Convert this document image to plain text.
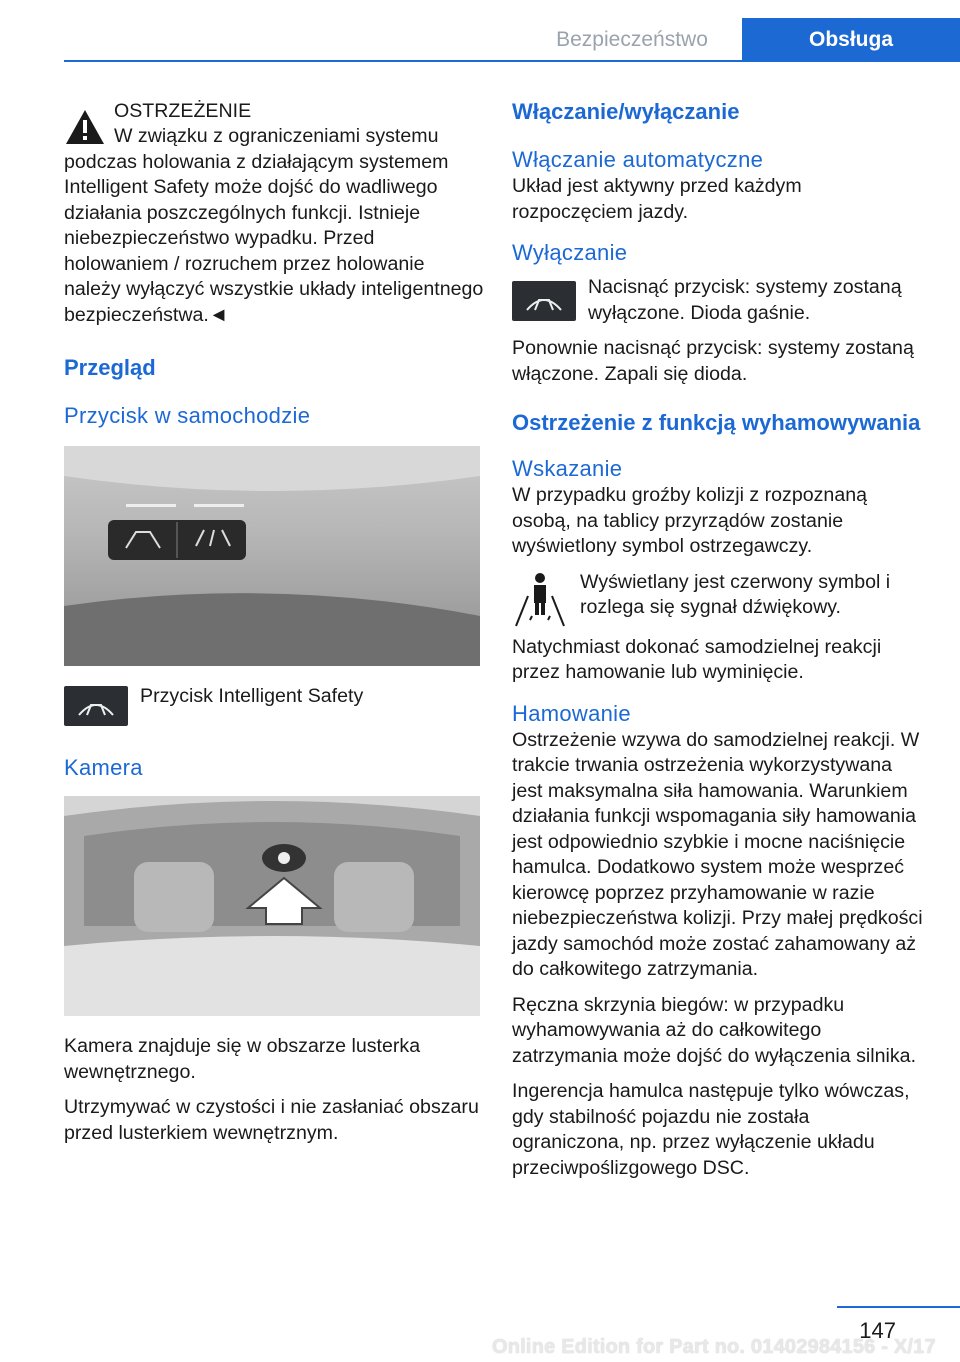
Bezpieczeństwo	Obsługa

OSTRZEŻENIE

W związku z ograniczeniami systemu podczas holowania z działającym systemem Intelligent Safety może dojść do wadliwego działania poszczególnych funkcji. Istnieje niebezpieczeństwo wypadku. Przed holowaniem / rozruchem przez holowanie należy wyłączyć wszystkie układy inteligentnego bezpieczeństwa.◄

Przegląd

Przycisk w samochodzie

Przycisk Intelligent Safety

Kamera

Kamera znajduje się w obszarze lusterka wewnętrznego.

Utrzymywać w czystości i nie zasłaniać obszaru przed lusterkiem wewnętrznym.

Włączanie/wyłączanie

Włączanie automatyczne

Układ jest aktywny przed każdym rozpoczęciem jazdy.

Wyłączanie

Nacisnąć przycisk: systemy zostaną wyłączone. Dioda gaśnie.

Ponownie nacisnąć przycisk: systemy zostaną włączone. Zapali się dioda.

Ostrzeżenie z funkcją wyhamowywania

Wskazanie

W przypadku groźby kolizji z rozpoznaną osobą, na tablicy przyrządów zostanie wyświetlony symbol ostrzegawczy.

Wyświetlany jest czerwony symbol i rozlega się sygnał dźwiękowy.

Natychmiast dokonać samodzielnej reakcji przez hamowanie lub wyminięcie.

Hamowanie

Ostrzeżenie wzywa do samodzielnej reakcji. W trakcie trwania ostrzeżenia wykorzystywana jest maksymalna siła hamowania. Warunkiem działania funkcji wspomagania siły hamowania jest odpowiednio szybkie i mocne naciśnięcie hamulca. Dodatkowo system może wesprzeć kierowcę poprzez przyhamowanie w razie niebezpieczeństwa kolizji. Przy małej prędkości jazdy samochód może zostać zahamowany aż do całkowitego zatrzymania.

Ręczna skrzynia biegów: w przypadku wyhamowywania aż do całkowitego zatrzymania może dojść do wyłączenia silnika.

Ingerencja hamulca następuje tylko wówczas, gdy stabilność pojazdu nie została ograniczona, np. przez wyłączenie układu przeciwpoślizgowego DSC.

147
Online Edition for Part no. 01402984156 - X/17
